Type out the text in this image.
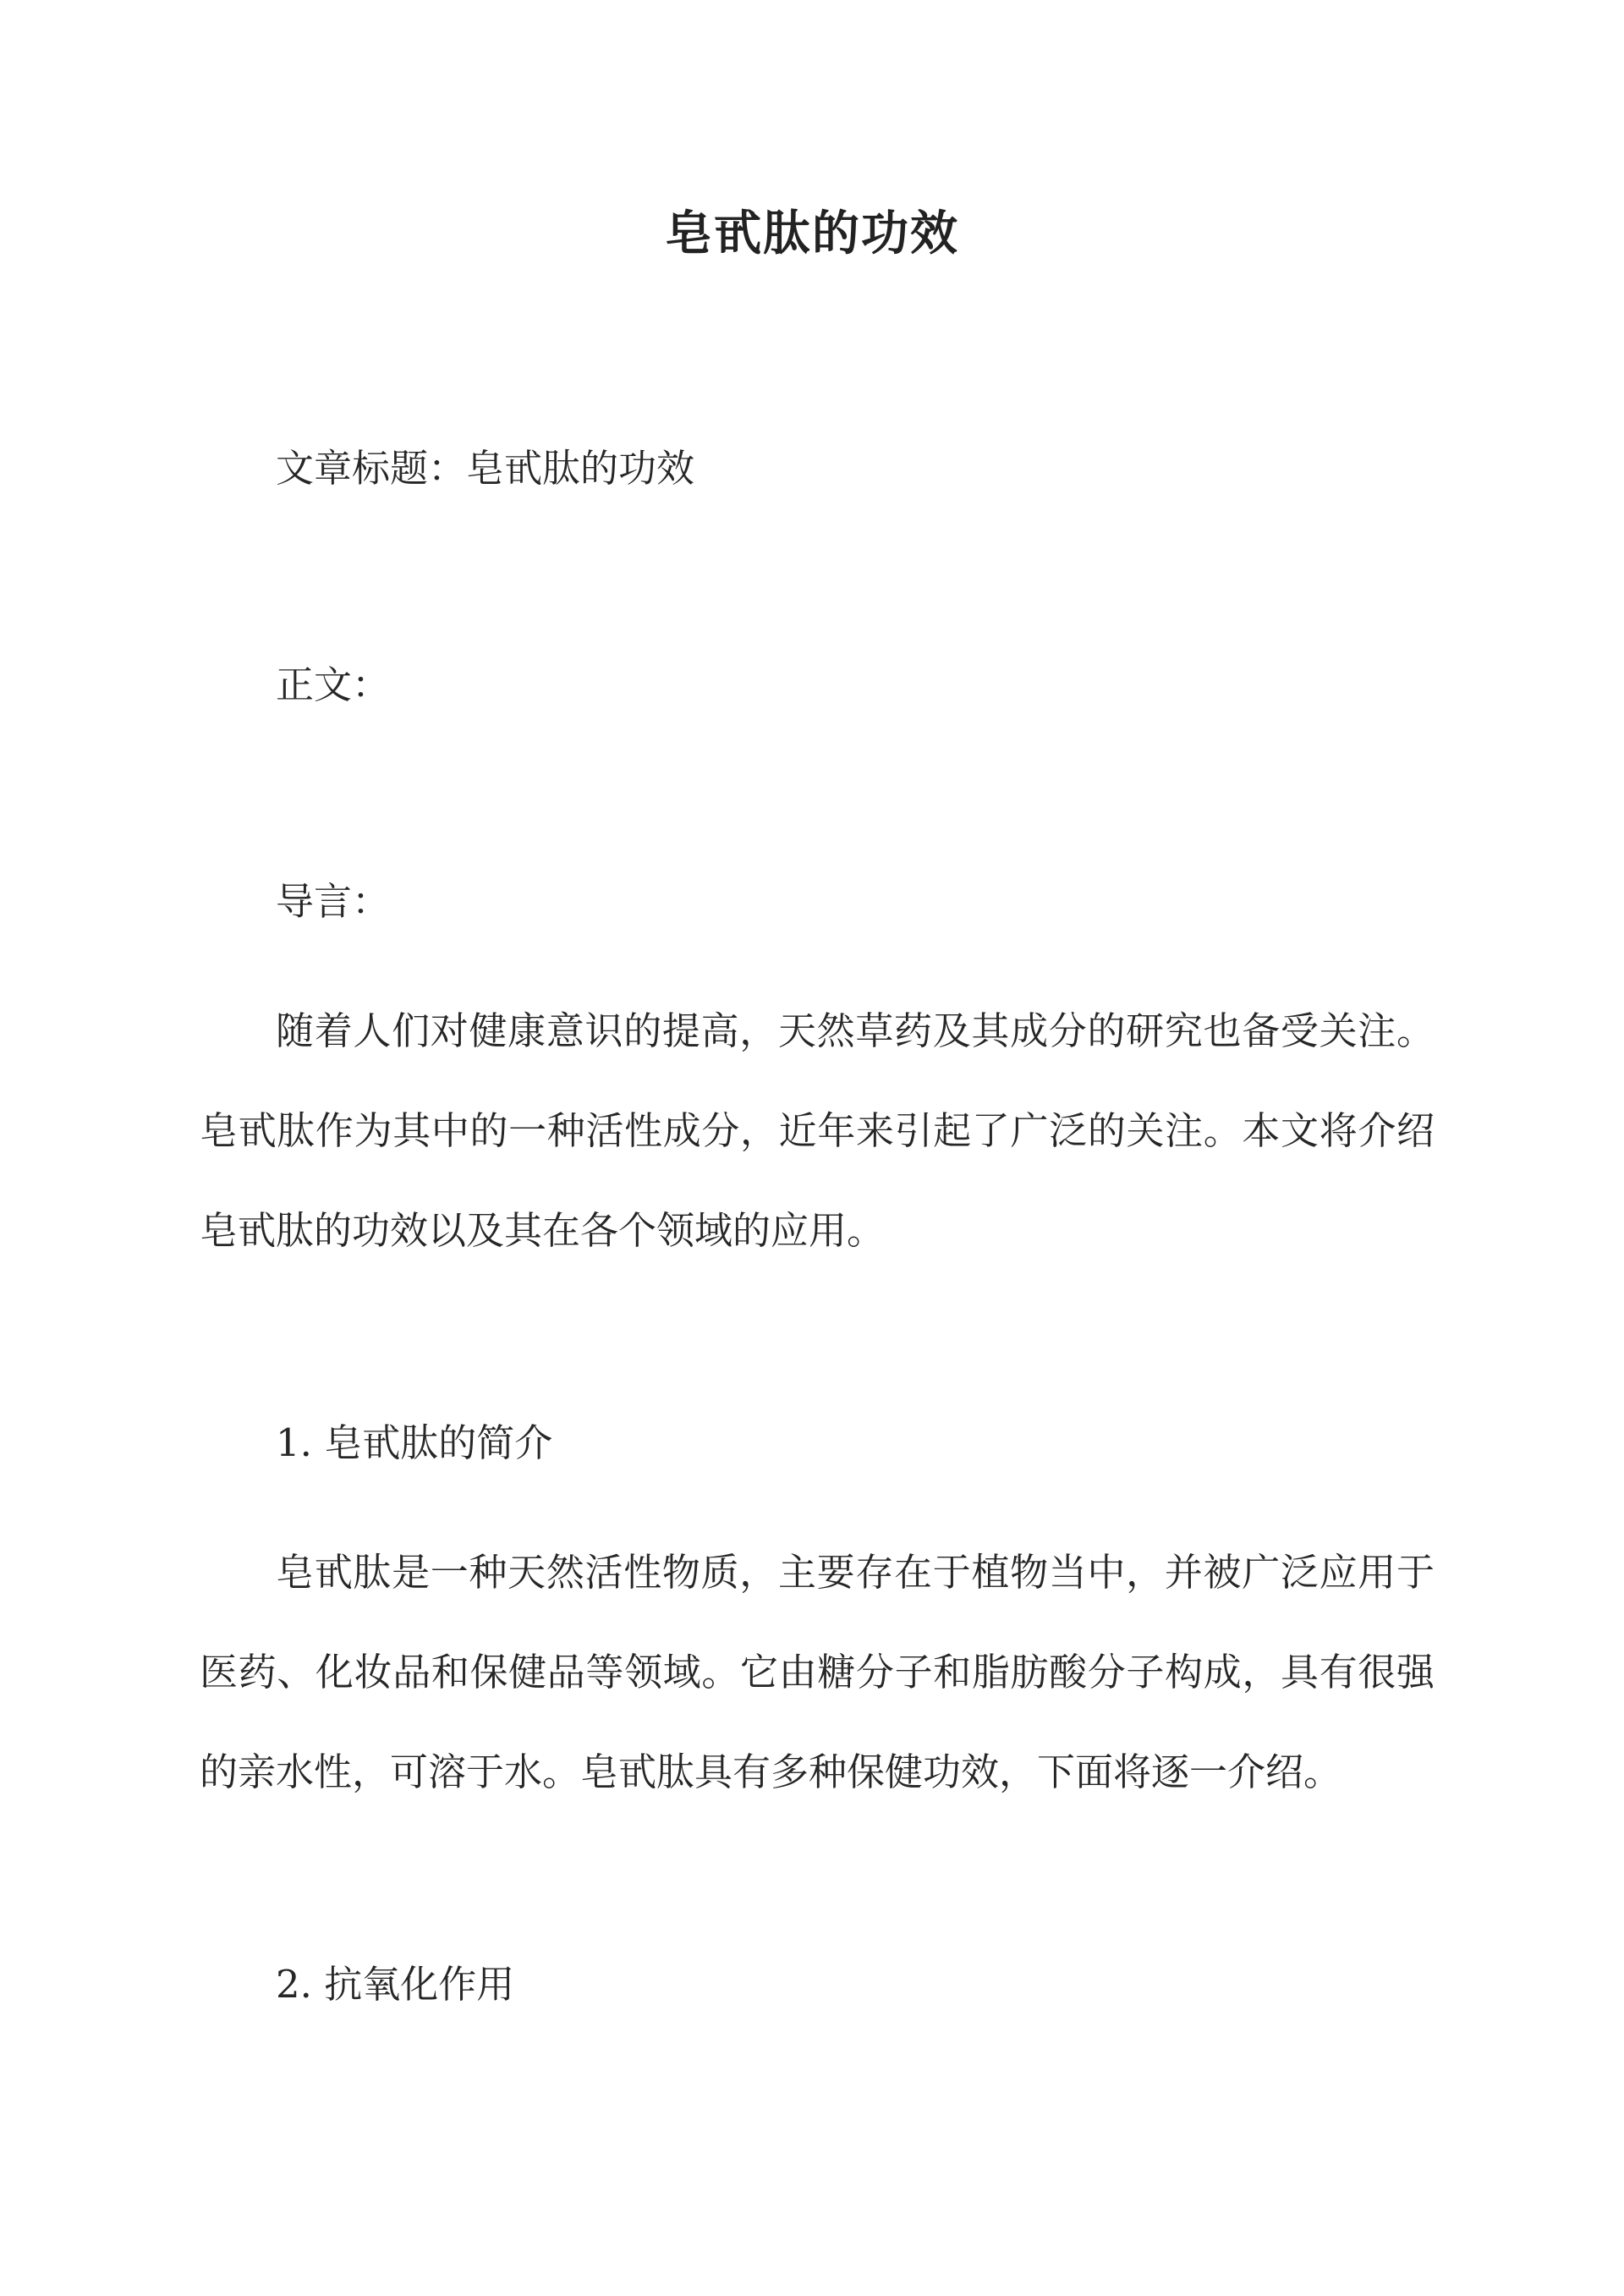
皂甙肽的功效
文章标题：皂甙肽的功效
正文：
导言：
随着人们对健康意识的提高，天然草药及其成分的研究也备受关注。皂甙肽作为其中的一种活性成分，近年来引起了广泛的关注。本文将介绍皂甙肽的功效以及其在各个领域的应用。
1. 皂甙肽的简介
皂甙肽是一种天然活性物质，主要存在于植物当中，并被广泛应用于医药、化妆品和保健品等领域。它由糖分子和脂肪酸分子构成，具有很强的亲水性，可溶于水。皂甙肽具有多种保健功效，下面将逐一介绍。
2. 抗氧化作用
